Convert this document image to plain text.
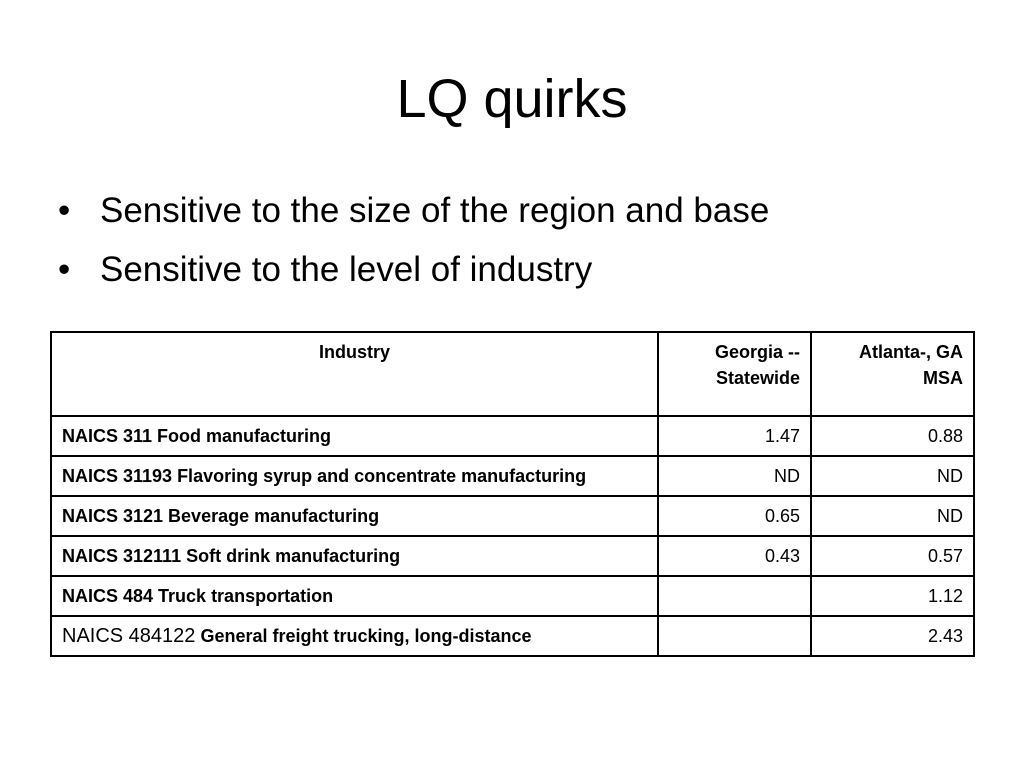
LQ quirks
• Sensitive to the size of the region and base
• Sensitive to the level of industry
Industry	Georgia -- Statewide	Atlanta-, GA MSA
NAICS 311 Food manufacturing	1.47	0.88
NAICS 31193 Flavoring syrup and concentrate manufacturing	ND	ND
NAICS 3121 Beverage manufacturing	0.65	ND
NAICS 312111 Soft drink manufacturing	0.43	0.57
NAICS 484 Truck transportation		1.12
NAICS 484122 General freight trucking, long-distance		2.43
